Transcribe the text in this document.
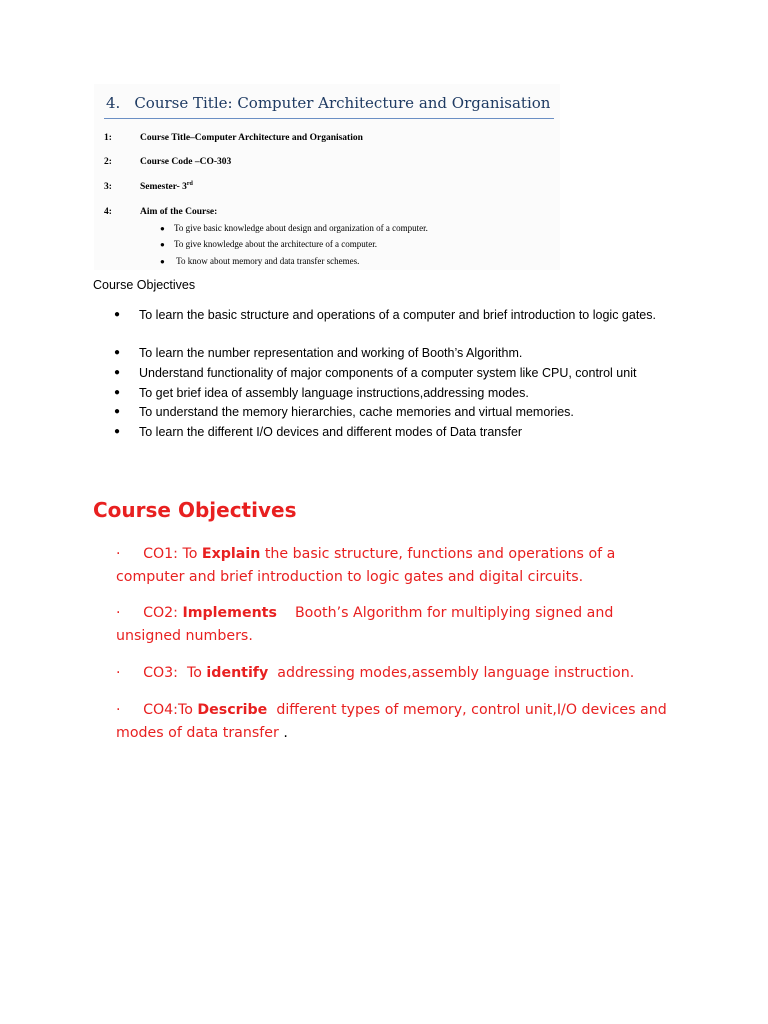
4. Course Title: Computer Architecture and Organisation
1:	Course Title–Computer Architecture and Organisation
2:	Course Code –CO-303
3:	Semester- 3rd
4:	Aim of the Course:
● To give basic knowledge about design and organization of a computer.
● To give knowledge about the architecture of a computer.
● To know about memory and data transfer schemes.
Course Objectives
● To learn the basic structure and operations of a computer and brief introduction to logic gates.
● To learn the number representation and working of Booth’s Algorithm.
● Understand functionality of major components of a computer system like CPU, control unit
● To get brief idea of assembly language instructions,addressing modes.
● To understand the memory hierarchies, cache memories and virtual memories.
● To learn the different I/O devices and different modes of Data transfer
Course Objectives
· CO1: To Explain the basic structure, functions and operations of a computer and brief introduction to logic gates and digital circuits.
· CO2: Implements    Booth’s Algorithm for multiplying signed and unsigned numbers.
· CO3:  To identify  addressing modes,assembly language instruction.
· CO4:To Describe  different types of memory, control unit,I/O devices and modes of data transfer .
